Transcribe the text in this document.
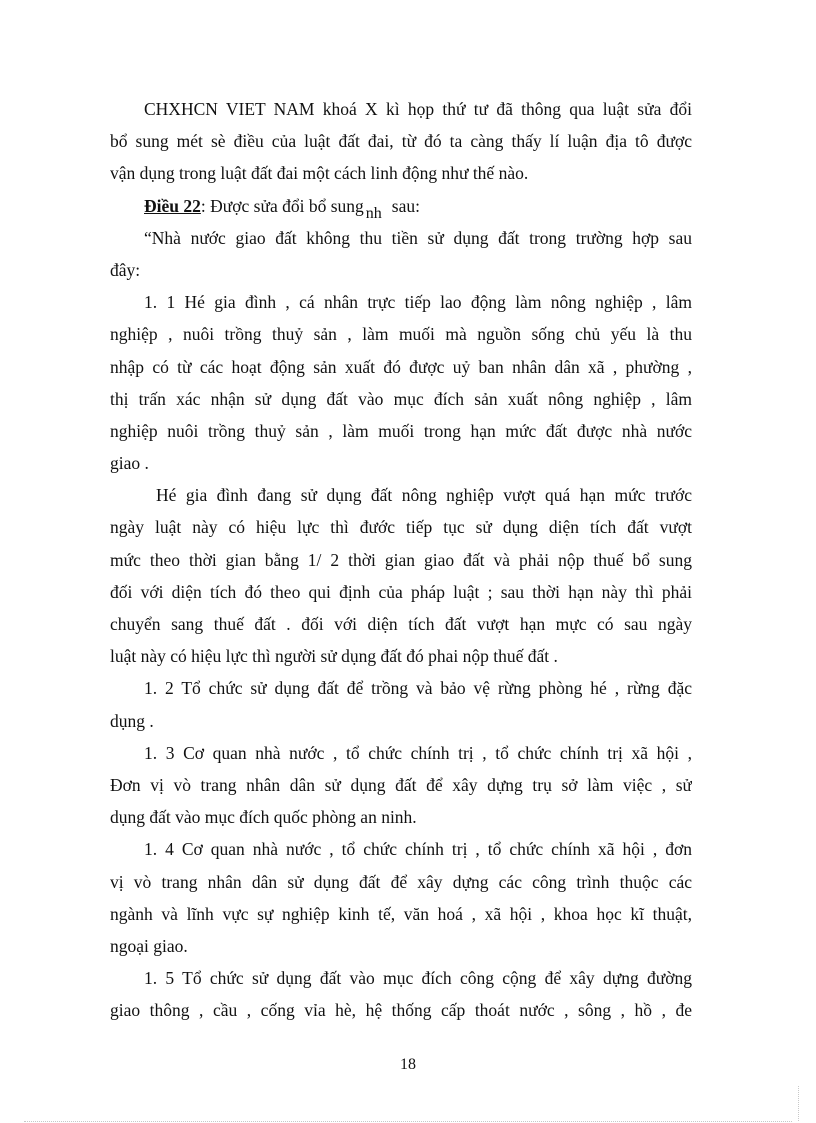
CHXHCN VIET NAM khoá X kì họp thứ tư đã thông qua luật sửa đổi
bổ sung mét sè điều của luật đất đai, từ đó ta càng thấy lí luận địa tô được
vận dụng trong luật đất đai một cách linh động như thế nào.
Điều 22: Được sửa đổi bổ sung nh sau:
“Nhà nước giao đất không thu tiền sử dụng đất trong trường hợp sau
đây:
1. 1 Hé gia đình , cá nhân trực tiếp lao động làm nông nghiệp , lâm
nghiệp , nuôi trồng thuỷ sản , làm muối mà nguồn sống chủ yếu là thu
nhập có từ các hoạt động sản xuất đó được uỷ ban nhân dân xã , phường ,
thị trấn xác nhận sử dụng đất vào mục đích sản xuất nông nghiệp , lâm
nghiệp nuôi trồng thuỷ sản , làm muối trong hạn mức đất được nhà nước
giao .
Hé gia đình đang sử dụng đất nông nghiệp vượt quá hạn mức trước
ngày luật này có hiệu lực thì đước tiếp tục sử dụng diện tích đất vượt
mức theo thời gian bằng 1/ 2 thời gian giao đất và phải nộp thuế bổ sung
đối với diện tích đó theo qui định của pháp luật ; sau thời hạn này thì phải
chuyển sang thuế đất . đối với diện tích đất vượt hạn mực có sau ngày
luật này có hiệu lực thì người sử dụng đất đó phai nộp thuế đất .
1. 2 Tổ chức sử dụng đất để trồng và bảo vệ rừng phòng hé , rừng đặc
dụng .
1. 3 Cơ quan nhà nước , tổ chức chính trị , tổ chức chính trị xã hội ,
Đơn vị vò trang nhân dân sử dụng đất để xây dựng trụ sở làm việc , sử
dụng đất vào mục đích quốc phòng an ninh.
1. 4 Cơ quan nhà nước , tổ chức chính trị , tổ chức chính xã hội , đơn
vị vò trang nhân dân sử dụng đất để xây dựng các công trình thuộc các
ngành và lĩnh vực sự nghiệp kinh tế, văn hoá , xã hội , khoa học kĩ thuật,
ngoại giao.
1. 5 Tổ chức sử dụng đất vào mục đích công cộng để xây dựng đường
giao thông , cầu , cống vỉa hè, hệ thống cấp thoát nước , sông , hồ , đe
18
